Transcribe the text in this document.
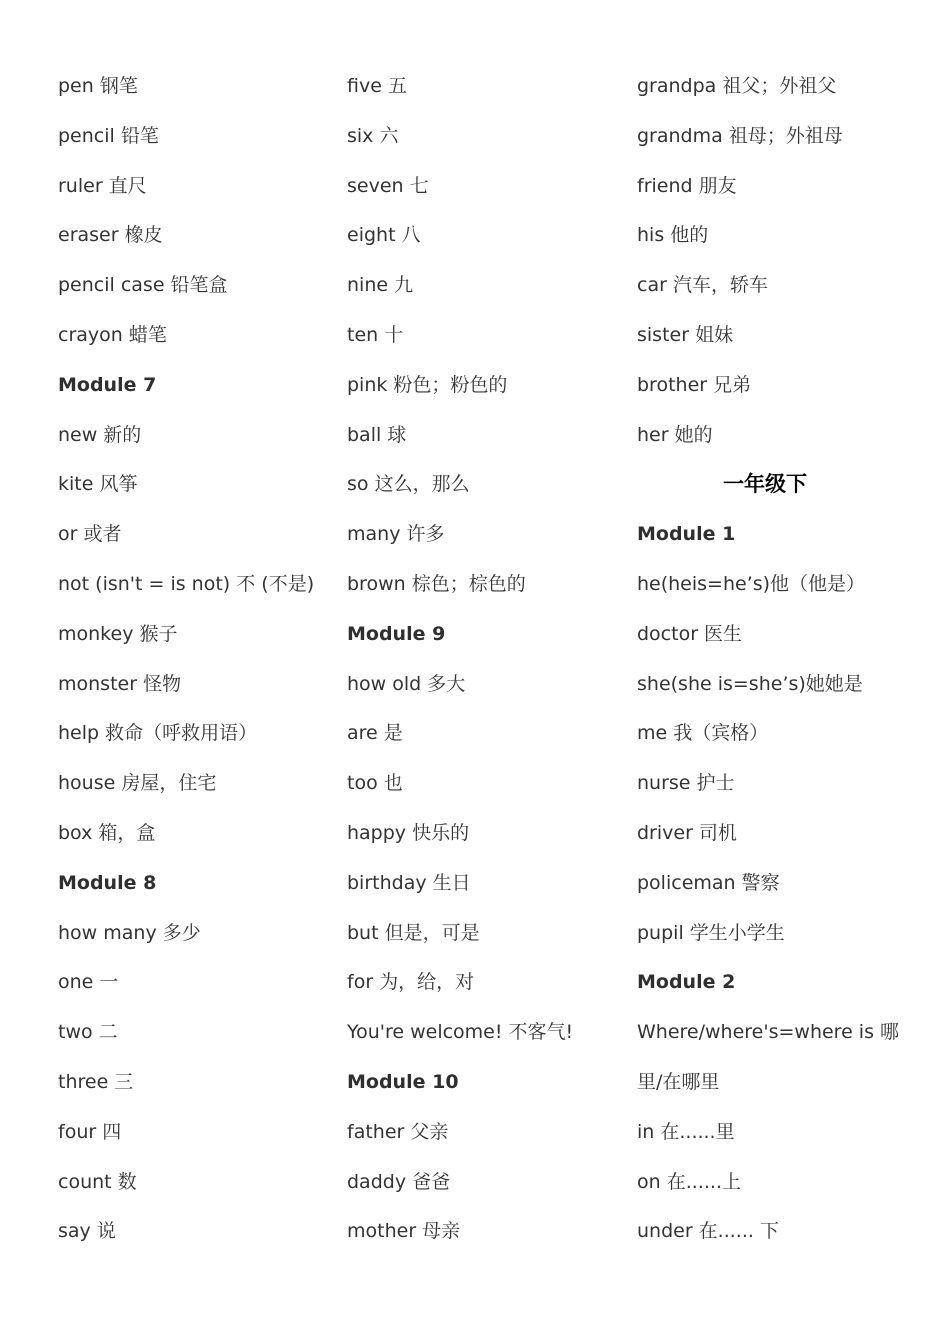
pen 钢笔
pencil 铅笔
ruler 直尺
eraser 橡皮
pencil case 铅笔盒
crayon 蜡笔
Module 7
new 新的
kite 风筝
or 或者
not (isn't = is not) 不 (不是)
monkey 猴子
monster 怪物
help 救命（呼救用语）
house 房屋，住宅
box 箱，盒
Module 8
how many 多少
one 一
two 二
three 三
four 四
count 数
say 说
five 五
six 六
seven 七
eight 八
nine 九
ten 十
pink 粉色；粉色的
ball 球
so 这么，那么
many 许多
brown 棕色；棕色的
Module 9
how old 多大
are 是
too 也
happy 快乐的
birthday 生日
but 但是，可是
for 为，给，对
You're welcome! 不客气!
Module 10
father 父亲
daddy 爸爸
mother 母亲
grandpa 祖父；外祖父
grandma 祖母；外祖母
friend 朋友
his 他的
car 汽车，轿车
sister 姐妹
brother 兄弟
her 她的
一年级下
Module 1
he(heis=he’s)他（他是）
doctor 医生
she(she is=she’s)她她是
me 我（宾格）
nurse 护士
driver 司机
policeman 警察
pupil 学生小学生
Module 2
Where/where's=where is 哪
里/在哪里
in 在......里
on 在......上
under 在...... 下
